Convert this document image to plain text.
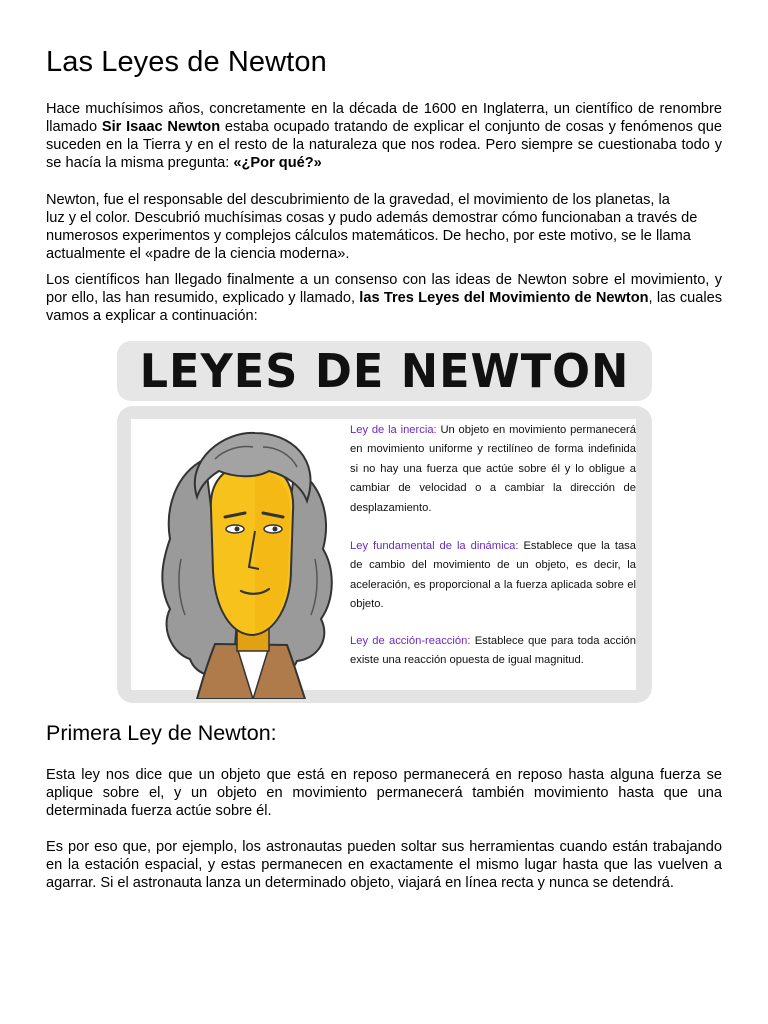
Las Leyes de Newton

Hace muchísimos años, concretamente en la década de 1600 en Inglaterra, un científico de renombre llamado Sir Isaac Newton estaba ocupado tratando de explicar el conjunto de cosas y fenómenos que suceden en la Tierra y en el resto de la naturaleza que nos rodea. Pero siempre se cuestionaba todo y se hacía la misma pregunta: «¿Por qué?»

Newton, fue el responsable del descubrimiento de la gravedad, el movimiento de los planetas, la
luz y el color. Descubrió muchísimas cosas y pudo además demostrar cómo funcionaban a través de
numerosos experimentos y complejos cálculos matemáticos. De hecho, por este motivo, se le llama
actualmente el «padre de la ciencia moderna».

Los científicos han llegado finalmente a un consenso con las ideas de Newton sobre el movimiento, y por ello, las han resumido, explicado y llamado, las Tres Leyes del Movimiento de Newton, las cuales vamos a explicar a continuación:

LEYES DE NEWTON

Ley de la inercia: Un objeto en movimiento permanecerá en movimiento uniforme y rectilíneo de forma indefinida si no hay una fuerza que actúe sobre él y lo obligue a cambiar de velocidad o a cambiar la dirección de desplazamiento.

Ley fundamental de la dinámica: Establece que la tasa de cambio del movimiento de un objeto, es decir, la aceleración, es proporcional a la fuerza aplicada sobre el objeto.

Ley de acción-reacción: Establece que para toda acción existe una reacción opuesta de igual magnitud.

Primera Ley de Newton:

Esta ley nos dice que un objeto que está en reposo permanecerá en reposo hasta alguna fuerza se aplique sobre el, y un objeto en movimiento permanecerá también movimiento hasta que una determinada fuerza actúe sobre él.

Es por eso que, por ejemplo, los astronautas pueden soltar sus herramientas cuando están trabajando en la estación espacial, y estas permanecen en exactamente el mismo lugar hasta que las vuelven a agarrar. Si el astronauta lanza un determinado objeto, viajará en línea recta y nunca se detendrá.
